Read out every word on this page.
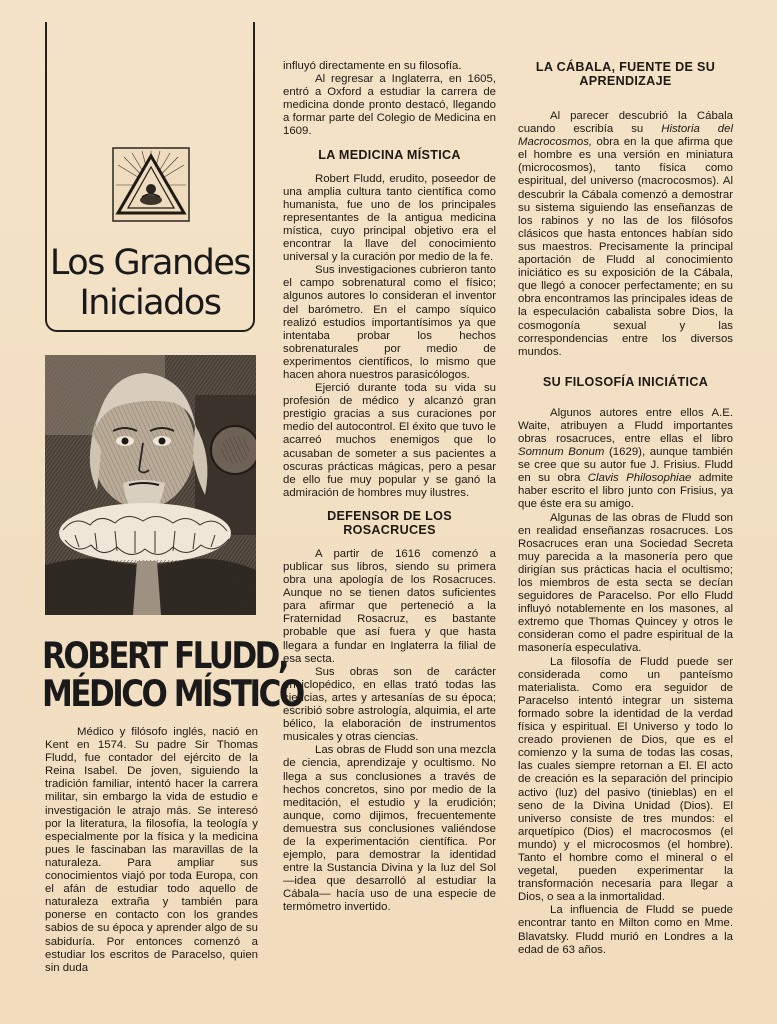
Los Grandes
Iniciados
ROBERT FLUDD,
MÉDICO MÍSTICO

Médico y filósofo inglés, nació en Kent en 1574. Su padre Sir Thomas Fludd, fue contador del ejército de la Reina Isabel. De joven, siguiendo la tradición familiar, intentó hacer la carrera militar, sin embargo la vida de estudio e investigación le atrajo más. Se interesó por la literatura, la filosofía, la teología y especialmente por la física y la medicina pues le fascinaban las maravillas de la naturaleza. Para ampliar sus conocimientos viajó por toda Europa, con el afán de estudiar todo aquello de naturaleza extraña y también para ponerse en contacto con los grandes sabios de su época y aprender algo de su sabiduría. Por entonces comenzó a estudiar los escritos de Paracelso, quien sin duda

influyó directamente en su filosofía.

Al regresar a Inglaterra, en 1605, entró a Oxford a estudiar la carrera de medicina donde pronto destacó, llegando a formar parte del Colegio de Medicina en 1609.

LA MEDICINA MÍSTICA

Robert Fludd, erudito, poseedor de una amplia cultura tanto científica como humanista, fue uno de los principales representantes de la antigua medicina mística, cuyo principal objetivo era el encontrar la llave del conocimiento universal y la curación por medio de la fe.

Sus investigaciones cubrieron tanto el campo sobrenatural como el físico; algunos autores lo consideran el inventor del barómetro. En el campo síquico realizó estudios importantísimos ya que intentaba probar los hechos sobrenaturales por medio de experimentos científicos, lo mismo que hacen ahora nuestros parasicólogos.

Ejerció durante toda su vida su profesión de médico y alcanzó gran prestigio gracias a sus curaciones por medio del autocontrol. El éxito que tuvo le acarreó muchos enemigos que lo acusaban de someter a sus pacientes a oscuras prácticas mágicas, pero a pesar de ello fue muy popular y se ganó la admiración de hombres muy ilustres.

DEFENSOR DE LOS ROSACRUCES

A partir de 1616 comenzó a publicar sus libros, siendo su primera obra una apología de los Rosacruces. Aunque no se tienen datos suficientes para afirmar que perteneció a la Fraternidad Rosacruz, es bastante probable que así fuera y que hasta llegara a fundar en Inglaterra la filial de esa secta.

Sus obras son de carácter enciclopédico, en ellas trató todas las ciencias, artes y artesanías de su época; escribió sobre astrología, alquimia, el arte bélico, la elaboración de instrumentos musicales y otras ciencias.

Las obras de Fludd son una mezcla de ciencia, aprendizaje y ocultismo. No llega a sus conclusiones a través de hechos concretos, sino por medio de la meditación, el estudio y la erudición; aunque, como dijimos, frecuentemente demuestra sus conclusiones valiéndose de la experimentación científica. Por ejemplo, para demostrar la identidad entre la Sustancia Divina y la luz del Sol —idea que desarrolló al estudiar la Cábala— hacía uso de una especie de termómetro invertido.

LA CÁBALA, FUENTE DE SU APRENDIZAJE

Al parecer descubrió la Cábala cuando escribía su Historia del Macrocosmos, obra en la que afirma que el hombre es una versión en miniatura (microcosmos), tanto física como espiritual, del universo (macrocosmos). Al descubrir la Cábala comenzó a demostrar su sistema siguiendo las enseñanzas de los rabinos y no las de los filósofos clásicos que hasta entonces habían sido sus maestros. Precisamente la principal aportación de Fludd al conocimiento iniciático es su exposición de la Cábala, que llegó a conocer perfectamente; en su obra encontramos las principales ideas de la especulación cabalista sobre Dios, la cosmogonía sexual y las correspondencias entre los diversos mundos.

SU FILOSOFÍA INICIÁTICA

Algunos autores entre ellos A.E. Waite, atribuyen a Fludd importantes obras rosacruces, entre ellas el libro Somnum Bonum (1629), aunque también se cree que su autor fue J. Frisius. Fludd en su obra Clavis Philosophiae admite haber escrito el libro junto con Frisius, ya que éste era su amigo.

Algunas de las obras de Fludd son en realidad enseñanzas rosacruces. Los Rosacruces eran una Sociedad Secreta muy parecida a la masonería pero que dirigían sus prácticas hacia el ocultismo; los miembros de esta secta se decían seguidores de Paracelso. Por ello Fludd influyó notablemente en los masones, al extremo que Thomas Quincey y otros le consideran como el padre espiritual de la masonería especulativa.

La filosofía de Fludd puede ser considerada como un panteísmo materialista. Como era seguidor de Paracelso intentó integrar un sistema formado sobre la identidad de la verdad física y espiritual. El Universo y todo lo creado provienen de Dios, que es el comienzo y la suma de todas las cosas, las cuales siempre retornan a El. El acto de creación es la separación del principio activo (luz) del pasivo (tinieblas) en el seno de la Divina Unidad (Dios). El universo consiste de tres mundos: el arquetípico (Dios) el macrocosmos (el mundo) y el microcosmos (el hombre). Tanto el hombre como el mineral o el vegetal, pueden experimentar la transformación necesaria para llegar a Dios, o sea a la inmortalidad.

La influencia de Fludd se puede encontrar tanto en Milton como en Mme. Blavatsky. Fludd murió en Londres a la edad de 63 años.
